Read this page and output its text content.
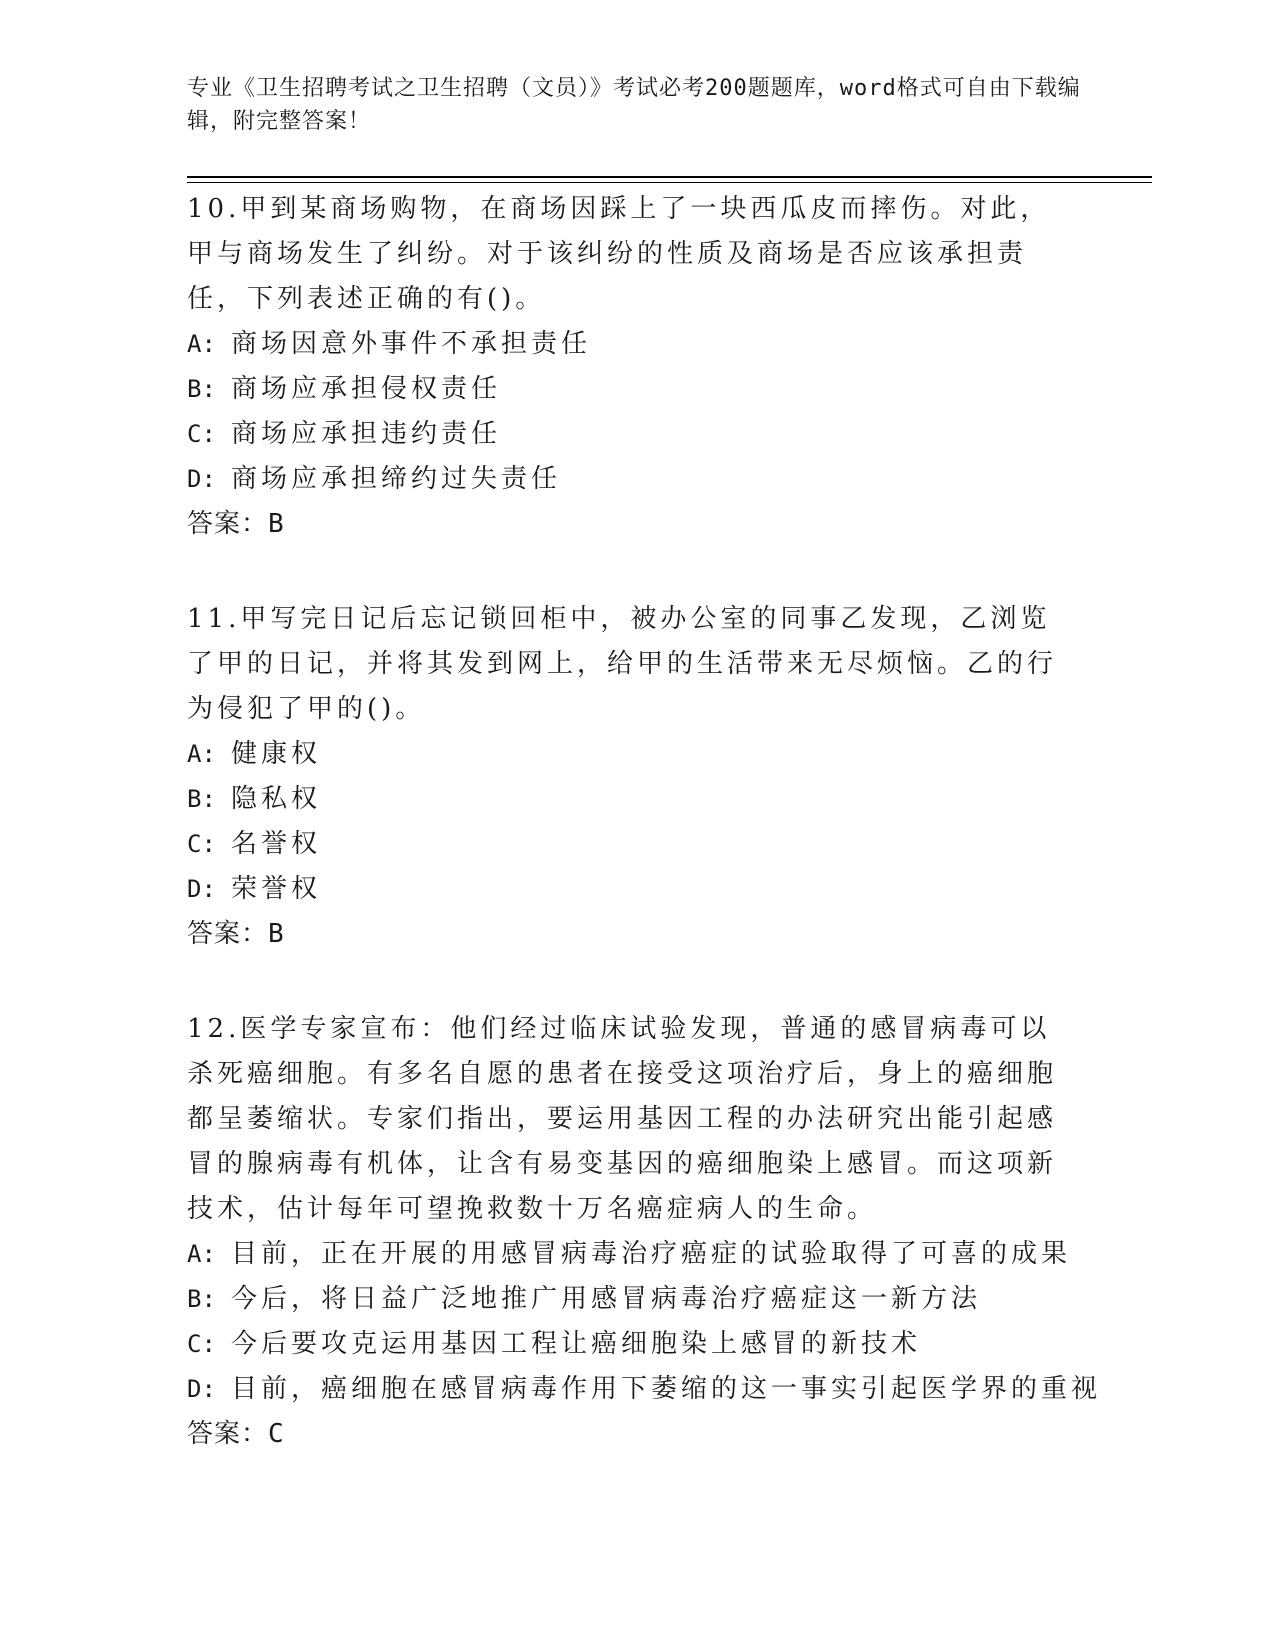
专业《卫生招聘考试之卫生招聘（文员）》考试必考200题题库，word格式可自由下载编辑，附完整答案！

10.甲到某商场购物，在商场因踩上了一块西瓜皮而摔伤。对此，甲与商场发生了纠纷。对于该纠纷的性质及商场是否应该承担责任，下列表述正确的有()。

A: 商场因意外事件不承担责任

B: 商场应承担侵权责任

C: 商场应承担违约责任

D: 商场应承担缔约过失责任

答案：B

11.甲写完日记后忘记锁回柜中，被办公室的同事乙发现，乙浏览了甲的日记，并将其发到网上，给甲的生活带来无尽烦恼。乙的行为侵犯了甲的()。

A: 健康权

B: 隐私权

C: 名誉权

D: 荣誉权

答案：B

12.医学专家宣布：他们经过临床试验发现，普通的感冒病毒可以杀死癌细胞。有多名自愿的患者在接受这项治疗后，身上的癌细胞都呈萎缩状。专家们指出，要运用基因工程的办法研究出能引起感冒的腺病毒有机体，让含有易变基因的癌细胞染上感冒。而这项新技术，估计每年可望挽救数十万名癌症病人的生命。

A: 目前，正在开展的用感冒病毒治疗癌症的试验取得了可喜的成果

B: 今后，将日益广泛地推广用感冒病毒治疗癌症这一新方法

C: 今后要攻克运用基因工程让癌细胞染上感冒的新技术

D: 目前，癌细胞在感冒病毒作用下萎缩的这一事实引起医学界的重视

答案：C
